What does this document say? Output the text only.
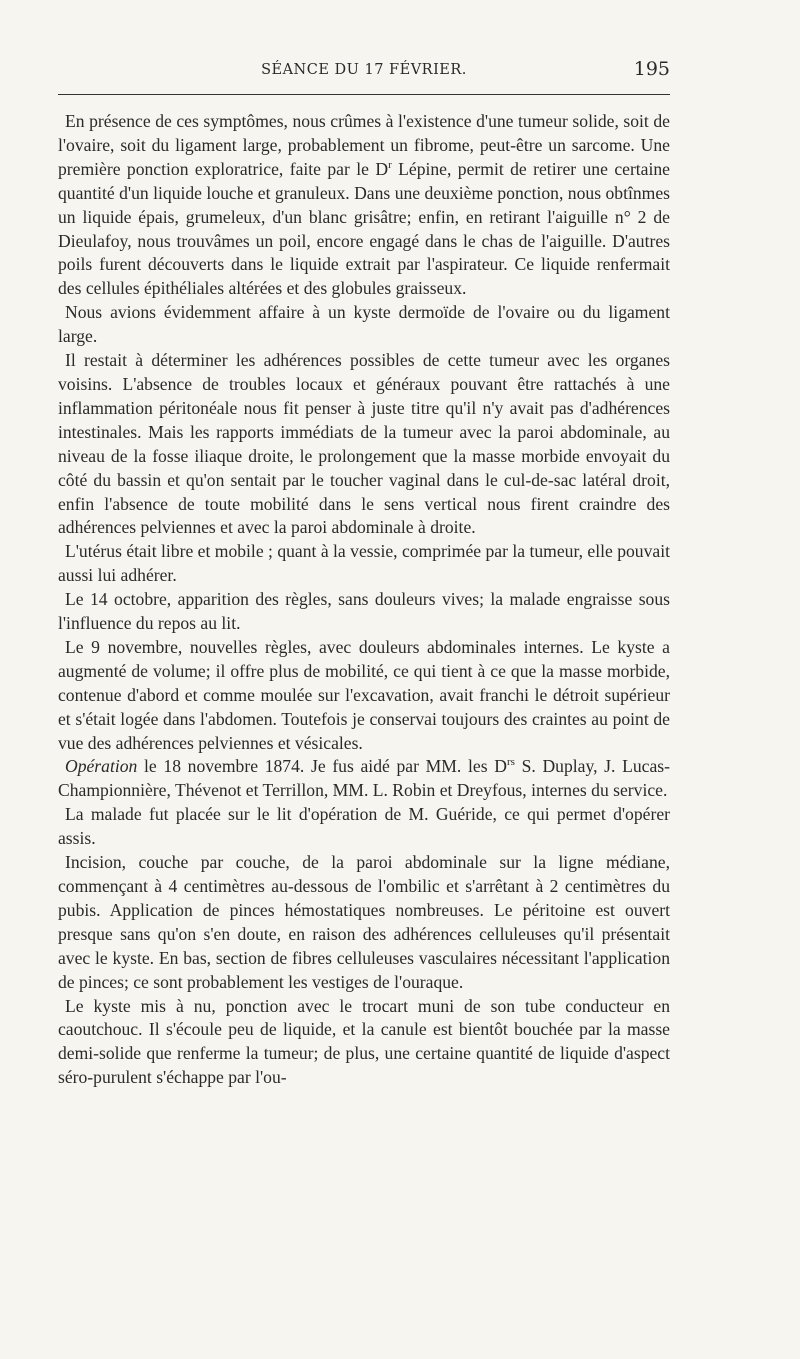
SÉANCE DU 17 FÉVRIER.	195

En présence de ces symptômes, nous crûmes à l'existence d'une tumeur solide, soit de l'ovaire, soit du ligament large, probablement un fibrome, peut-être un sarcome. Une première ponction exploratrice, faite par le $D^r$ Lépine, permit de retirer une certaine quantité d'un liquide louche et granuleux. Dans une deuxième ponction, nous obtînmes un liquide épais, grumeleux, d'un blanc grisâtre; enfin, en retirant l'aiguille n° 2 de Dieulafoy, nous trouvâmes un poil, encore engagé dans le chas de l'aiguille. D'autres poils furent découverts dans le liquide extrait par l'aspirateur. Ce liquide renfermait des cellules épithéliales altérées et des globules graisseux.

Nous avions évidemment affaire à un kyste dermoïde de l'ovaire ou du ligament large.

Il restait à déterminer les adhérences possibles de cette tumeur avec les organes voisins. L'absence de troubles locaux et généraux pouvant être rattachés à une inflammation péritonéale nous fit penser à juste titre qu'il n'y avait pas d'adhérences intestinales. Mais les rapports immédiats de la tumeur avec la paroi abdominale, au niveau de la fosse iliaque droite, le prolongement que la masse morbide envoyait du côté du bassin et qu'on sentait par le toucher vaginal dans le cul-de-sac latéral droit, enfin l'absence de toute mobilité dans le sens vertical nous firent craindre des adhérences pelviennes et avec la paroi abdominale à droite.

L'utérus était libre et mobile ; quant à la vessie, comprimée par la tumeur, elle pouvait aussi lui adhérer.

Le 14 octobre, apparition des règles, sans douleurs vives; la malade engraisse sous l'influence du repos au lit.

Le 9 novembre, nouvelles règles, avec douleurs abdominales internes. Le kyste a augmenté de volume; il offre plus de mobilité, ce qui tient à ce que la masse morbide, contenue d'abord et comme moulée sur l'excavation, avait franchi le détroit supérieur et s'était logée dans l'abdomen. Toutefois je conservai toujours des craintes au point de vue des adhérences pelviennes et vésicales.

Opération le 18 novembre 1874. Je fus aidé par MM. les $D^{rs}$ S. Duplay, J. Lucas-Championnière, Thévenot et Terrillon, MM. L. Robin et Dreyfous, internes du service.

La malade fut placée sur le lit d'opération de M. Guéride, ce qui permet d'opérer assis.

Incision, couche par couche, de la paroi abdominale sur la ligne médiane, commençant à 4 centimètres au-dessous de l'ombilic et s'arrêtant à 2 centimètres du pubis. Application de pinces hémostatiques nombreuses. Le péritoine est ouvert presque sans qu'on s'en doute, en raison des adhérences celluleuses qu'il présentait avec le kyste. En bas, section de fibres celluleuses vasculaires nécessitant l'application de pinces; ce sont probablement les vestiges de l'ouraque.

Le kyste mis à nu, ponction avec le trocart muni de son tube conducteur en caoutchouc. Il s'écoule peu de liquide, et la canule est bientôt bouchée par la masse demi-solide que renferme la tumeur; de plus, une certaine quantité de liquide d'aspect séro-purulent s'échappe par l'ou-
